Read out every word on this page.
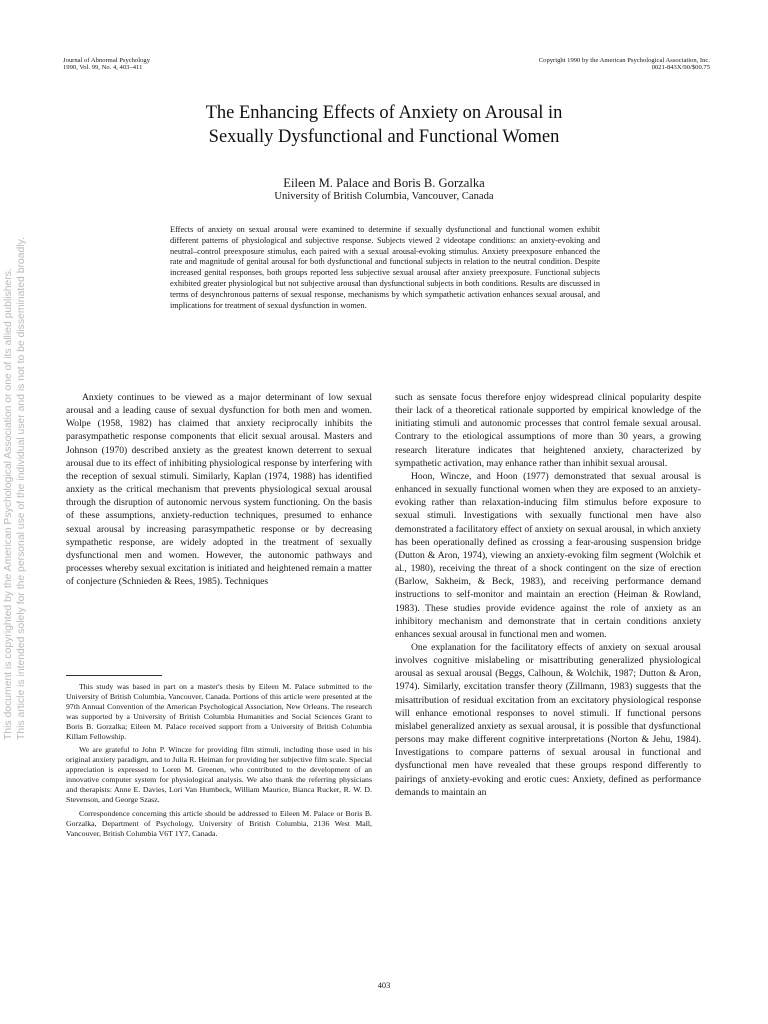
Journal of Abnormal Psychology
1990, Vol. 99, No. 4, 403–411
Copyright 1990 by the American Psychological Association, Inc.
0021-843X/90/$00.75
The Enhancing Effects of Anxiety on Arousal in
Sexually Dysfunctional and Functional Women
Eileen M. Palace and Boris B. Gorzalka
University of British Columbia, Vancouver, Canada
Effects of anxiety on sexual arousal were examined to determine if sexually dysfunctional and functional women exhibit different patterns of physiological and subjective response. Subjects viewed 2 videotape conditions: an anxiety-evoking and neutral–control preexposure stimulus, each paired with a sexual arousal-evoking stimulus. Anxiety preexposure enhanced the rate and magnitude of genital arousal for both dysfunctional and functional subjects in relation to the neutral condition. Despite increased genital responses, both groups reported less subjective sexual arousal after anxiety preexposure. Functional subjects exhibited greater physiological but not subjective arousal than dysfunctional subjects in both conditions. Results are discussed in terms of desynchronous patterns of sexual response, mechanisms by which sympathetic activation enhances sexual arousal, and implications for treatment of sexual dysfunction in women.

Anxiety continues to be viewed as a major determinant of low sexual arousal and a leading cause of sexual dysfunction for both men and women. Wolpe (1958, 1982) has claimed that anxiety reciprocally inhibits the parasympathetic response components that elicit sexual arousal. Masters and Johnson (1970) described anxiety as the greatest known deterrent to sexual arousal due to its effect of inhibiting physiological response by interfering with the reception of sexual stimuli. Similarly, Kaplan (1974, 1988) has identified anxiety as the critical mechanism that prevents physiological sexual arousal through the disruption of autonomic nervous system functioning. On the basis of these assumptions, anxiety-reduction techniques, presumed to enhance sexual arousal by increasing parasympathetic response or by decreasing sympathetic response, are widely adopted in the treatment of sexually dysfunctional men and women. However, the autonomic pathways and processes whereby sexual excitation is initiated and heightened remain a matter of conjecture (Schnieden & Rees, 1985). Techniques

This study was based in part on a master's thesis by Eileen M. Palace submitted to the University of British Columbia, Vancouver, Canada. Portions of this article were presented at the 97th Annual Convention of the American Psychological Association, New Orleans. The research was supported by a University of British Columbia Humanities and Social Sciences Grant to Boris B. Gorzalka; Eileen M. Palace received support from a University of British Columbia Killam Fellowship.

We are grateful to John P. Wincze for providing film stimuli, including those used in his original anxiety paradigm, and to Julia R. Heiman for providing her subjective film scale. Special appreciation is expressed to Loren M. Greenen, who contributed to the development of an innovative computer system for physiological analysis. We also thank the referring physicians and therapists: Anne E. Davies, Lori Van Humbeck, William Maurice, Bianca Rucker, R. W. D. Stevenson, and George Szasz.

Correspondence concerning this article should be addressed to Eileen M. Palace or Boris B. Gorzalka, Department of Psychology, University of British Columbia, 2136 West Mall, Vancouver, British Columbia V6T 1Y7, Canada.

such as sensate focus therefore enjoy widespread clinical popularity despite their lack of a theoretical rationale supported by empirical knowledge of the initiating stimuli and autonomic processes that control female sexual arousal. Contrary to the etiological assumptions of more than 30 years, a growing research literature indicates that heightened anxiety, characterized by sympathetic activation, may enhance rather than inhibit sexual arousal.

Hoon, Wincze, and Hoon (1977) demonstrated that sexual arousal is enhanced in sexually functional women when they are exposed to an anxiety-evoking rather than relaxation-inducing film stimulus before exposure to sexual stimuli. Investigations with sexually functional men have also demonstrated a facilitatory effect of anxiety on sexual arousal, in which anxiety has been operationally defined as crossing a fear-arousing suspension bridge (Dutton & Aron, 1974), viewing an anxiety-evoking film segment (Wolchik et al., 1980), receiving the threat of a shock contingent on the size of erection (Barlow, Sakheim, & Beck, 1983), and receiving performance demand instructions to self-monitor and maintain an erection (Heiman & Rowland, 1983). These studies provide evidence against the role of anxiety as an inhibitory mechanism and demonstrate that in certain conditions anxiety enhances sexual arousal in functional men and women.

One explanation for the facilitatory effects of anxiety on sexual arousal involves cognitive mislabeling or misattributing generalized physiological arousal as sexual arousal (Beggs, Calhoun, & Wolchik, 1987; Dutton & Aron, 1974). Similarly, excitation transfer theory (Zillmann, 1983) suggests that the misattribution of residual excitation from an excitatory physiological response will enhance emotional responses to novel stimuli. If functional persons mislabel generalized anxiety as sexual arousal, it is possible that dysfunctional persons may make different cognitive interpretations (Norton & Jehu, 1984). Investigations to compare patterns of sexual arousal in functional and dysfunctional men have revealed that these groups respond differently to pairings of anxiety-evoking and erotic cues: Anxiety, defined as performance demands to maintain an

This document is copyrighted by the American Psychological Association or one of its allied publishers. This article is intended solely for the personal use of the individual user and is not to be disseminated broadly.
403
